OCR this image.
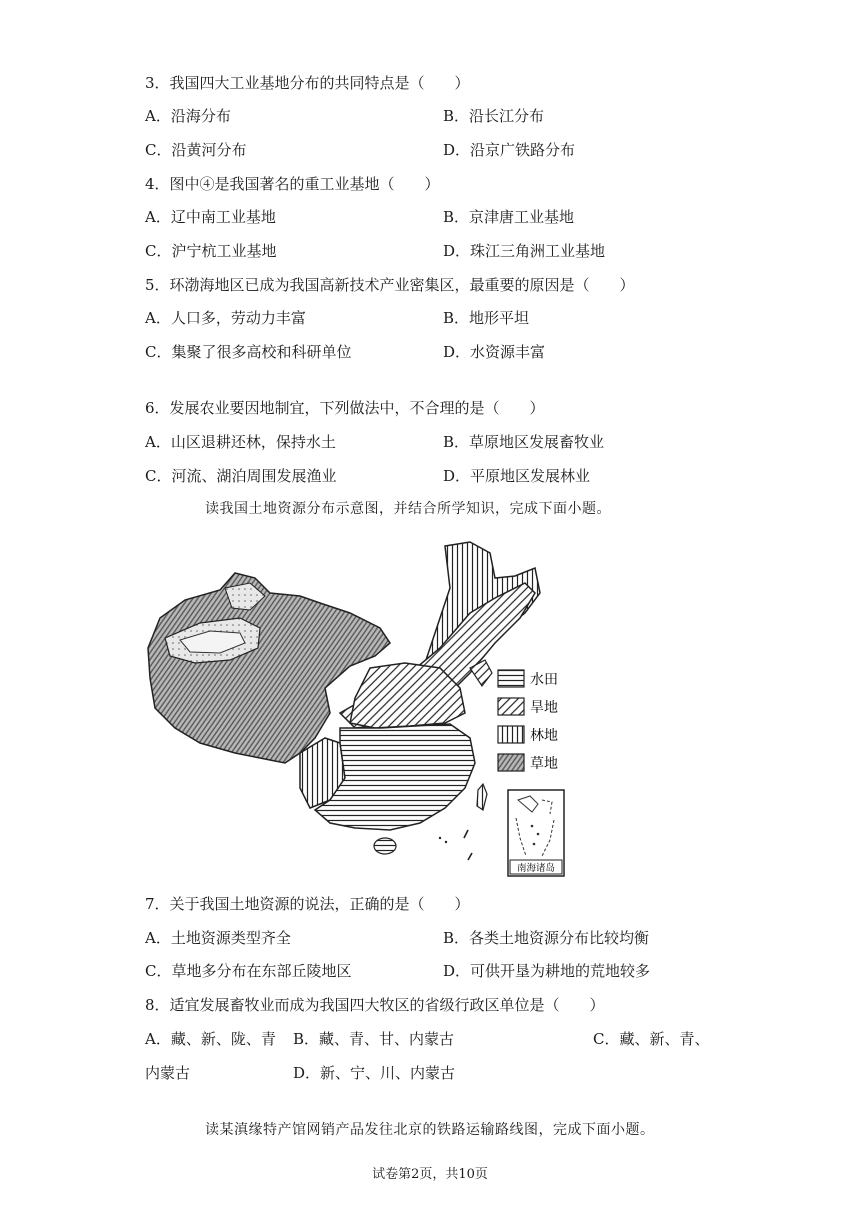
3．我国四大工业基地分布的共同特点是（　　）
A．沿海分布	B．沿长江分布
C．沿黄河分布	D．沿京广铁路分布
4．图中④是我国著名的重工业基地（　　）
A．辽中南工业基地	B．京津唐工业基地
C．沪宁杭工业基地	D．珠江三角洲工业基地
5．环渤海地区已成为我国高新技术产业密集区，最重要的原因是（　　）
A．人口多，劳动力丰富	B．地形平坦
C．集聚了很多高校和科研单位	D．水资源丰富
6．发展农业要因地制宜，下列做法中，不合理的是（　　）
A．山区退耕还林，保持水土	B．草原地区发展畜牧业
C．河流、湖泊周围发展渔业	D．平原地区发展林业
读我国土地资源分布示意图，并结合所学知识，完成下面小题。
水田
旱地
林地
草地
南海诸岛
7．关于我国土地资源的说法，正确的是（　　）
A．土地资源类型齐全	B．各类土地资源分布比较均衡
C．草地多分布在东部丘陵地区	D．可供开垦为耕地的荒地较多
8．适宜发展畜牧业而成为我国四大牧区的省级行政区单位是（　　）
A．藏、新、陇、青 B．藏、青、甘、内蒙古	C．藏、新、青、
内蒙古	D．新、宁、川、内蒙古
读某滇缘特产馆网销产品发往北京的铁路运输路线图，完成下面小题。
试卷第2页，共10页
